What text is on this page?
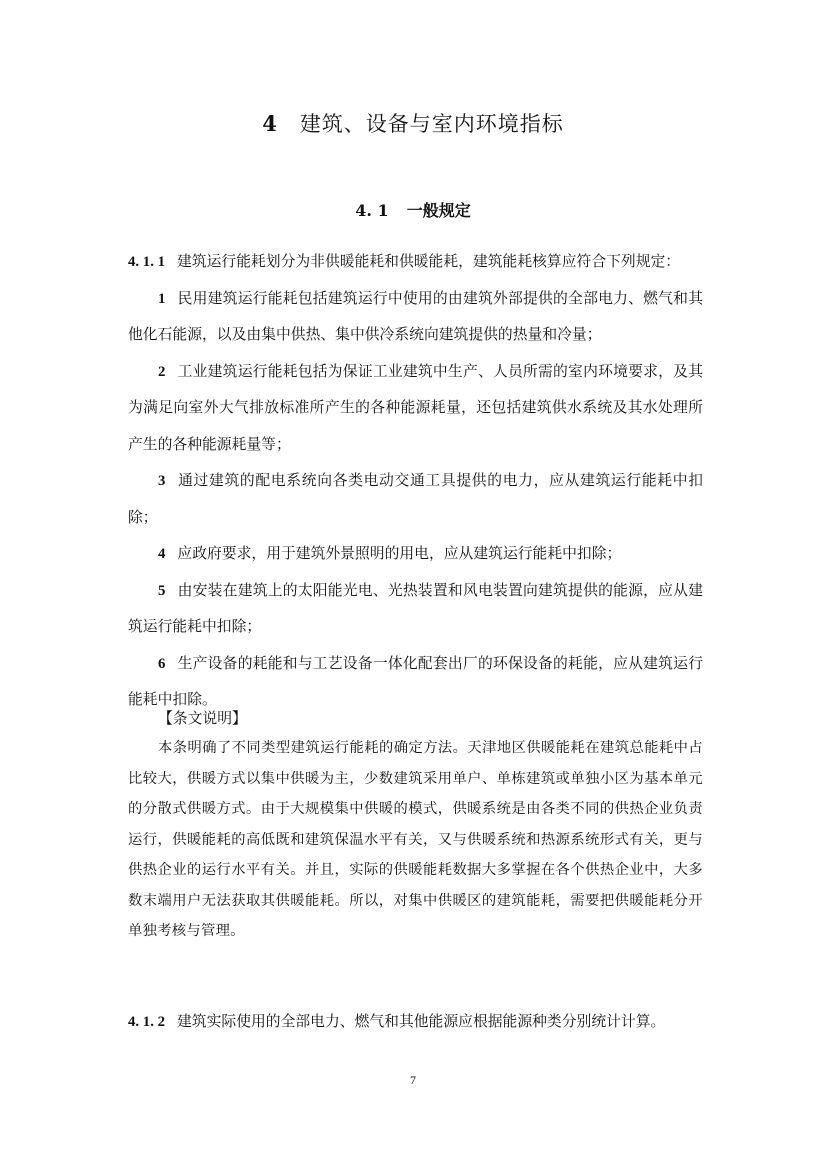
4 建筑、设备与室内环境指标
4. 1 一般规定

4. 1. 1 建筑运行能耗划分为非供暖能耗和供暖能耗，建筑能耗核算应符合下列规定：

1 民用建筑运行能耗包括建筑运行中使用的由建筑外部提供的全部电力、燃气和其他化石能源，以及由集中供热、集中供冷系统向建筑提供的热量和冷量；

2 工业建筑运行能耗包括为保证工业建筑中生产、人员所需的室内环境要求，及其为满足向室外大气排放标准所产生的各种能源耗量，还包括建筑供水系统及其水处理所产生的各种能源耗量等；

3 通过建筑的配电系统向各类电动交通工具提供的电力，应从建筑运行能耗中扣除；

4 应政府要求，用于建筑外景照明的用电，应从建筑运行能耗中扣除；

5 由安装在建筑上的太阳能光电、光热装置和风电装置向建筑提供的能源，应从建筑运行能耗中扣除；

6 生产设备的耗能和与工艺设备一体化配套出厂的环保设备的耗能，应从建筑运行能耗中扣除。

【条文说明】

本条明确了不同类型建筑运行能耗的确定方法。天津地区供暖能耗在建筑总能耗中占比较大，供暖方式以集中供暖为主，少数建筑采用单户、单栋建筑或单独小区为基本单元的分散式供暖方式。由于大规模集中供暖的模式，供暖系统是由各类不同的供热企业负责运行，供暖能耗的高低既和建筑保温水平有关，又与供暖系统和热源系统形式有关，更与供热企业的运行水平有关。并且，实际的供暖能耗数据大多掌握在各个供热企业中，大多数末端用户无法获取其供暖能耗。所以，对集中供暖区的建筑能耗，需要把供暖能耗分开单独考核与管理。

4. 1. 2 建筑实际使用的全部电力、燃气和其他能源应根据能源种类分别统计计算。

7
